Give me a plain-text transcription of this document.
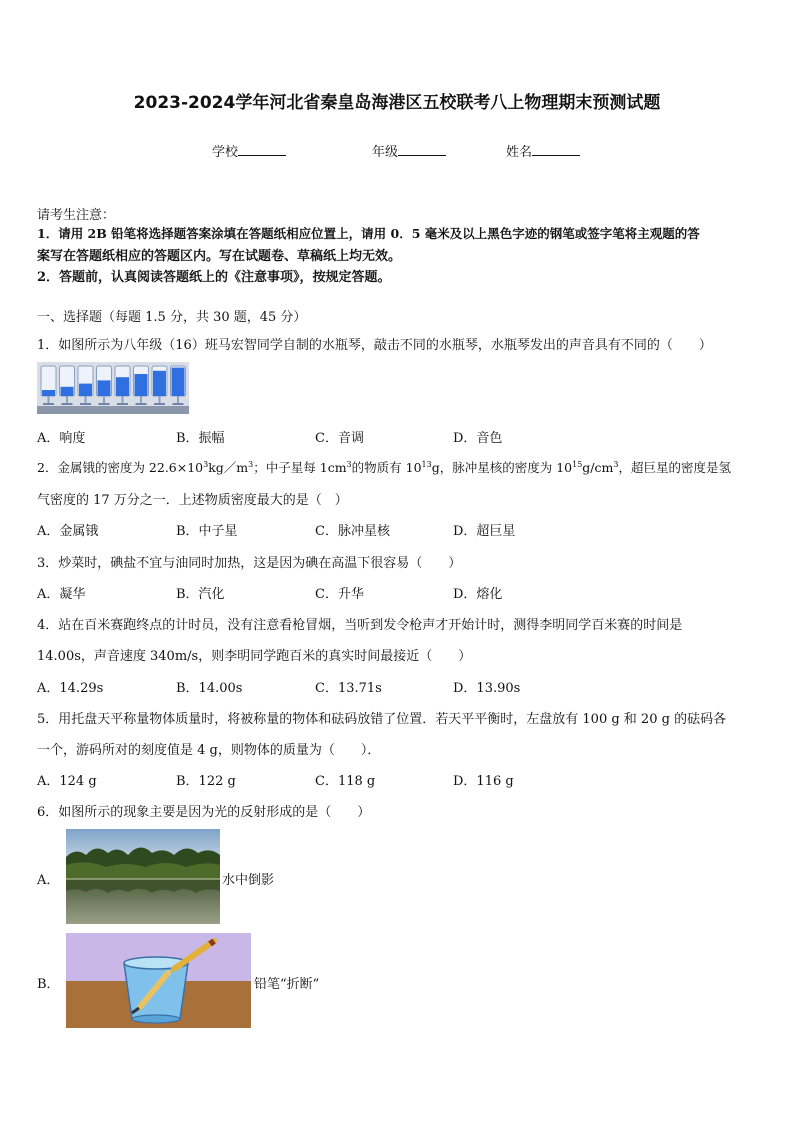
2023-2024学年河北省秦皇岛海港区五校联考八上物理期末预测试题
学校	年级	姓名
请考生注意：
1．请用 2B 铅笔将选择题答案涂填在答题纸相应位置上，请用 0．5 毫米及以上黑色字迹的钢笔或签字笔将主观题的答
案写在答题纸相应的答题区内。写在试题卷、草稿纸上均无效。
2．答题前，认真阅读答题纸上的《注意事项》，按规定答题。
一、选择题（每题 1.5 分，共 30 题，45 分）
1．如图所示为八年级（16）班马宏智同学自制的水瓶琴，敲击不同的水瓶琴，水瓶琴发出的声音具有不同的（　　）
A．响度	B．振幅	C．音调	D．音色
2．金属锇的密度为 $22.6\times 10^3kg/m^3$；中子星每 $1cm^3$的物质有 $10^{13}g$，脉冲星核的密度为 $10^{15}g/cm^3$，超巨星的密度是氢
气密度的 17 万分之一．上述物质密度最大的是（　）
A．金属锇	B．中子星	C．脉冲星核	D．超巨星
3．炒菜时，碘盐不宜与油同时加热，这是因为碘在高温下很容易（　　）
A．凝华	B．汽化	C．升华	D．熔化
4．站在百米赛跑终点的计时员，没有注意看枪冒烟，当听到发令枪声才开始计时，测得李明同学百米赛的时间是
14.00s，声音速度 340m/s，则李明同学跑百米的真实时间最接近（　　）
A．14.29s	B．14.00s	C．13.71s	D．13.90s
5．用托盘天平称量物体质量时，将被称量的物体和砝码放错了位置．若天平平衡时，左盘放有 100 g 和 20 g 的砝码各
一个，游码所对的刻度值是 4 g，则物体的质量为（　　）．
A．124 g	B．122 g	C．118 g	D．116 g
6．如图所示的现象主要是因为光的反射形成的是（　　）
A．	水中倒影
B．	铅笔“折断”
